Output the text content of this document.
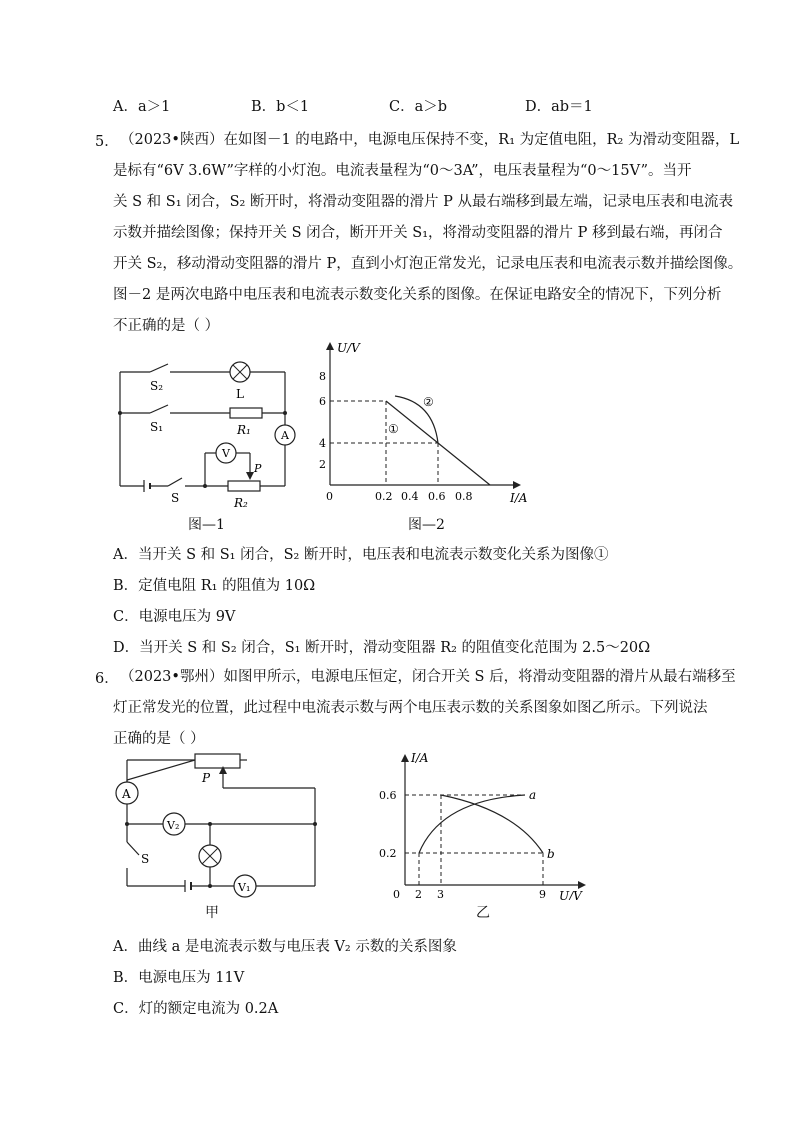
A．a＞1	B．b＜1	C．a＞b	D．ab＝1
5． （2023•陕西）在如图－1 的电路中，电源电压保持不变，R₁ 为定值电阻，R₂ 为滑动变阻器，L
是标有“6V 3.6W”字样的小灯泡。电流表量程为“0～3A”，电压表量程为“0～15V”。当开
关 S 和 S₁ 闭合，S₂ 断开时，将滑动变阻器的滑片 P 从最右端移到最左端，记录电压表和电流表
示数并描绘图像；保持开关 S 闭合，断开开关 S₁，将滑动变阻器的滑片 P 移到最右端，再闭合
开关 S₂，移动滑动变阻器的滑片 P，直到小灯泡正常发光，记录电压表和电流表示数并描绘图像。
图－2 是两次电路中电压表和电流表示数变化关系的图像。在保证电路安全的情况下，下列分析
不正确的是（ ）
S₂
S₁
S
L
R₁
R₂
A
V
P
图—1
U/V
I/A
0	0.2 0.4 0.6 0.8
2
4
6
8
①
②
图—2
A．当开关 S 和 S₁ 闭合，S₂ 断开时，电压表和电流表示数变化关系为图像①
B．定值电阻 R₁ 的阻值为 10Ω
C．电源电压为 9V
D．当开关 S 和 S₂ 闭合，S₁ 断开时，滑动变阻器 R₂ 的阻值变化范围为 2.5～20Ω
6． （2023•鄂州）如图甲所示，电源电压恒定，闭合开关 S 后，将滑动变阻器的滑片从最右端移至
灯正常发光的位置，此过程中电流表示数与两个电压表示数的关系图象如图乙所示。下列说法
正确的是（ ）
A
V₂
V₁
S
P
甲
I/A
U/V
0 2 3	9
0.6
0.2
a
b
乙
A．曲线 a 是电流表示数与电压表 V₂ 示数的关系图象
B．电源电压为 11V
C．灯的额定电流为 0.2A
